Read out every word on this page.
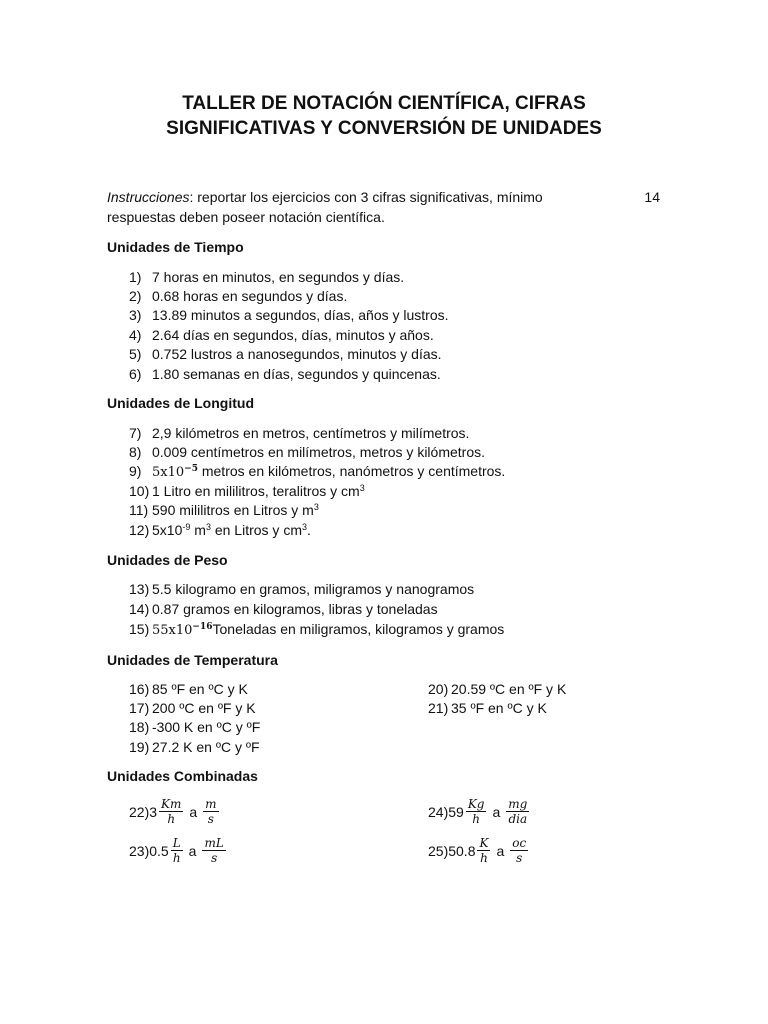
TALLER DE NOTACIÓN CIENTÍFICA, CIFRAS
SIGNIFICATIVAS Y CONVERSIÓN DE UNIDADES
Instrucciones: reportar los ejercicios con 3 cifras significativas, mínimo	14
respuestas deben poseer notación científica.
Unidades de Tiempo
1) 7 horas en minutos, en segundos y días.
2) 0.68 horas en segundos y días.
3) 13.89 minutos a segundos, días, años y lustros.
4) 2.64 días en segundos, días, minutos y años.
5) 0.752 lustros a nanosegundos, minutos y días.
6) 1.80 semanas en días, segundos y quincenas.
Unidades de Longitud
7) 2,9 kilómetros en metros, centímetros y milímetros.
8) 0.009 centímetros en milímetros, metros y kilómetros.
9) $5x10^{-5}$ metros en kilómetros, nanómetros y centímetros.
10) 1 Litro en mililitros, teralitros y $cm^3$
11) 590 mililitros en Litros y $m^3$
12) $5x10^{-9}$ $m^3$ en Litros y $cm^3$.
Unidades de Peso
13) 5.5 kilogramo en gramos, miligramos y nanogramos
14) 0.87 gramos en kilogramos, libras y toneladas
15) $55x10^{-16}Toneladas$ en miligramos, kilogramos y gramos
Unidades de Temperatura
16) 85 ºF en ºC y K
17) 200 ºC en ºF y K
18) -300 K en ºC y ºF
19) 27.2 K en ºC y ºF
20) 20.59 ºC en ºF y K
21) 35 ºF en ºC y K
Unidades Combinadas
$22)3 \frac{Km}{h}$ a $\frac{m}{s}$
$23)0.5 \frac{L}{h}$ a $\frac{mL}{s}$
$24)59 \frac{Kg}{h}$ a $\frac{mg}{\text{dia}}$
$25)50.8 \frac{K}{h}$ a $\frac{oc}{s}$
